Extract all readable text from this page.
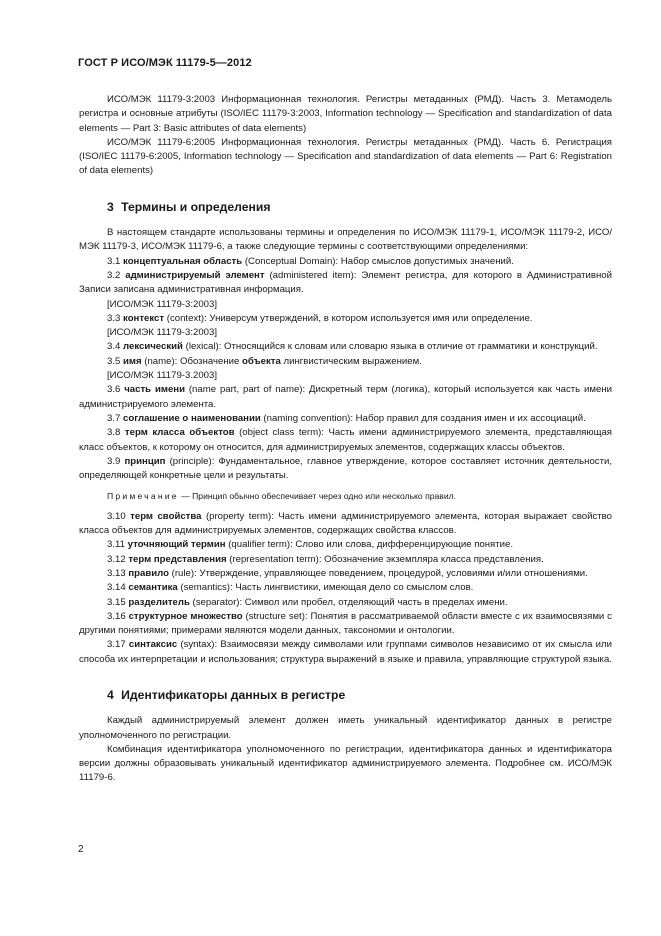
ГОСТ Р ИСО/МЭК 11179-5—2012

ИСО/МЭК 11179-3:2003 Информационная технология. Регистры метаданных (РМД). Часть 3. Метамодель регистра и основные атрибуты (ISO/IEC 11179-3:2003, Information technology — Specification and standardization of data elements — Part 3: Basic attributes of data elements)

ИСО/МЭК 11179-6:2005 Информационная технология. Регистры метаданных (РМД). Часть 6. Регистрация (ISO/IEC 11179-6:2005, Information technology — Specification and standardization of data elements — Part 6: Registration of data elements)

3 Термины и определения

В настоящем стандарте использованы термины и определения по ИСО/МЭК 11179-1, ИСО/МЭК 11179-2, ИСО/МЭК 11179-3, ИСО/МЭК 11179-6, а также следующие термины с соответствующими определениями:

3.1 концептуальная область (Conceptual Domain): Набор смыслов допустимых значений.

3.2 администрируемый элемент (administered item): Элемент регистра, для которого в Административной Записи записана административная информация.

[ИСО/МЭК 11179-3:2003]

3.3 контекст (context): Универсум утверждений, в котором используется имя или определение.

[ИСО/МЭК 11179-3:2003]

3.4 лексический (lexical): Относящийся к словам или словарю языка в отличие от грамматики и конструкций.

3.5 имя (name): Обозначение объекта лингвистическим выражением.

[ИСО/МЭК 11179-3.2003]

3.6 часть имени (name part, part of name): Дискретный терм (логика), который используется как часть имени администрируемого элемента.

3.7 соглашение о наименовании (naming convention): Набор правил для создания имен и их ассоциаций.

3.8 терм класса объектов (object class term): Часть имени администрируемого элемента, представляющая класс объектов, к которому он относится, для администрируемых элементов, содержащих классы объектов.

3.9 принцип (principle): Фундаментальное, главное утверждение, которое составляет источник деятельности, определяющей конкретные цели и результаты.

Примечание — Принцип обычно обеспечивает через одно или несколько правил.

3.10 терм свойства (property term): Часть имени администрируемого элемента, которая выражает свойство класса объектов для администрируемых элементов, содержащих свойства классов.

3.11 уточняющий термин (qualifier term): Слово или слова, дифференцирующие понятие.

3.12 терм представления (representation term): Обозначение экземпляра класса представления.

3.13 правило (rule): Утверждение, управляющее поведением, процедурой, условиями и/или отношениями.

3.14 семантика (semantics): Часть лингвистики, имеющая дело со смыслом слов.

3.15 разделитель (separator): Символ или пробел, отделяющий часть в пределах имени.

3.16 структурное множество (structure set): Понятия в рассматриваемой области вместе с их взаимосвязями с другими понятиями; примерами являются модели данных, таксономии и онтологии.

3.17 синтаксис (syntax): Взаимосвязи между символами или группами символов независимо от их смысла или способа их интерпретации и использования; структура выражений в языке и правила, управляющие структурой языка.

4 Идентификаторы данных в регистре

Каждый администрируемый элемент должен иметь уникальный идентификатор данных в регистре уполномоченного по регистрации.

Комбинация идентификатора уполномоченного по регистрации, идентификатора данных и идентификатора версии должны образовывать уникальный идентификатор администрируемого элемента. Подробнее см. ИСО/МЭК 11179-6.

2
